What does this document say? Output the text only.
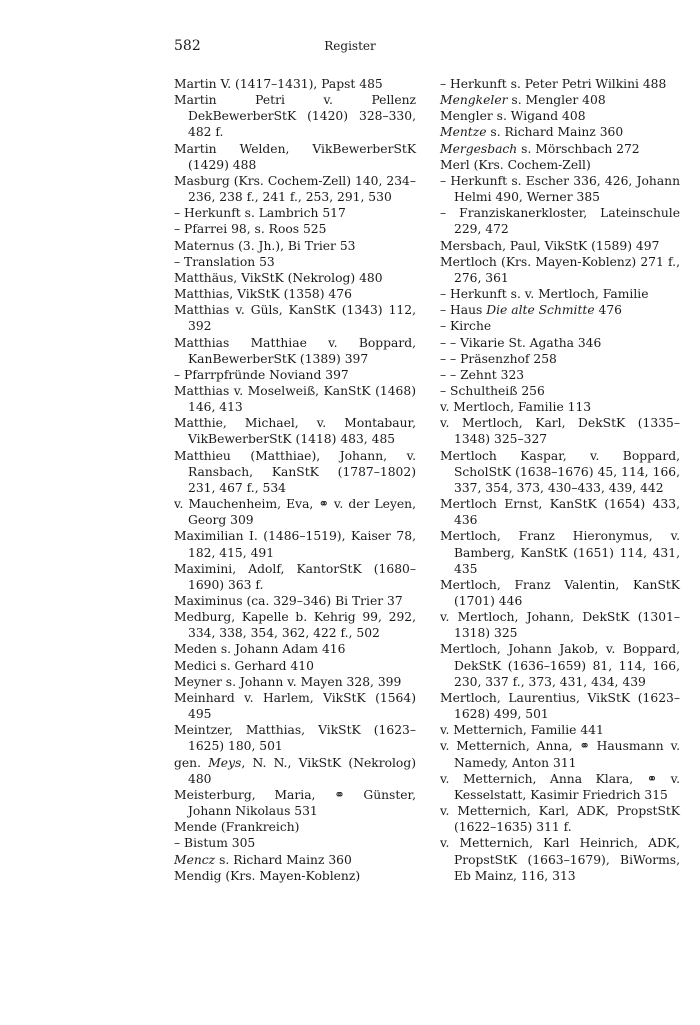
582	Register
Martin V. (1417–1431), Papst 485
Martin Petri v. Pellenz DekBewerberStK (1420) 328–330, 482 f.
Martin Welden, VikBewerberStK (1429) 488
Masburg (Krs. Cochem-Zell) 140, 234–236, 238 f., 241 f., 253, 291, 530
– Herkunft s. Lambrich 517
– Pfarrei 98, s. Roos 525
Maternus (3. Jh.), Bi Trier 53
– Translation 53
Matthäus, VikStK (Nekrolog) 480
Matthias, VikStK (1358) 476
Matthias v. Güls, KanStK (1343) 112, 392
Matthias Matthiae v. Boppard, KanBewerberStK (1389) 397
– Pfarrpfründe Noviand 397
Matthias v. Moselweiß, KanStK (1468) 146, 413
Matthie, Michael, v. Montabaur, VikBewerberStK (1418) 483, 485
Matthieu (Matthiae), Johann, v. Ransbach, KanStK (1787–1802) 231, 467 f., 534
v. Mauchenheim, Eva, ⚭ v. der Leyen, Georg 309
Maximilian I. (1486–1519), Kaiser 78, 182, 415, 491
Maximini, Adolf, KantorStK (1680–1690) 363 f.
Maximinus (ca. 329–346) Bi Trier 37
Medburg, Kapelle b. Kehrig 99, 292, 334, 338, 354, 362, 422 f., 502
Meden s. Johann Adam 416
Medici s. Gerhard 410
Meyner s. Johann v. Mayen 328, 399
Meinhard v. Harlem, VikStK (1564) 495
Meintzer, Matthias, VikStK (1623–1625) 180, 501
gen. Meys, N. N., VikStK (Nekrolog) 480
Meisterburg, Maria, ⚭ Günster, Johann Nikolaus 531
Mende (Frankreich)
– Bistum 305
Mencz s. Richard Mainz 360
Mendig (Krs. Mayen-Koblenz)
– Herkunft s. Peter Petri Wilkini 488
Mengkeler s. Mengler 408
Mengler s. Wigand 408
Mentze s. Richard Mainz 360
Mergesbach s. Mörschbach 272
Merl (Krs. Cochem-Zell)
– Herkunft s. Escher 336, 426, Johann Helmi 490, Werner 385
– Franziskanerkloster, Lateinschule 229, 472
Mersbach, Paul, VikStK (1589) 497
Mertloch (Krs. Mayen-Koblenz) 271 f., 276, 361
– Herkunft s. v. Mertloch, Familie
– Haus Die alte Schmitte 476
– Kirche
– – Vikarie St. Agatha 346
– – Präsenzhof 258
– – Zehnt 323
– Schultheiß 256
v. Mertloch, Familie 113
v. Mertloch, Karl, DekStK (1335–1348) 325–327
Mertloch Kaspar, v. Boppard, ScholStK (1638–1676) 45, 114, 166, 337, 354, 373, 430–433, 439, 442
Mertloch Ernst, KanStK (1654) 433, 436
Mertloch, Franz Hieronymus, v. Bamberg, KanStK (1651) 114, 431, 435
Mertloch, Franz Valentin, KanStK (1701) 446
v. Mertloch, Johann, DekStK (1301–1318) 325
Mertloch, Johann Jakob, v. Boppard, DekStK (1636–1659) 81, 114, 166, 230, 337 f., 373, 431, 434, 439
Mertloch, Laurentius, VikStK (1623–1628) 499, 501
v. Metternich, Familie 441
v. Metternich, Anna, ⚭ Hausmann v. Namedy, Anton 311
v. Metternich, Anna Klara, ⚭ v. Kesselstatt, Kasimir Friedrich 315
v. Metternich, Karl, ADK, PropstStK (1622–1635) 311 f.
v. Metternich, Karl Heinrich, ADK, PropstStK (1663–1679), BiWorms, Eb Mainz, 116, 313
